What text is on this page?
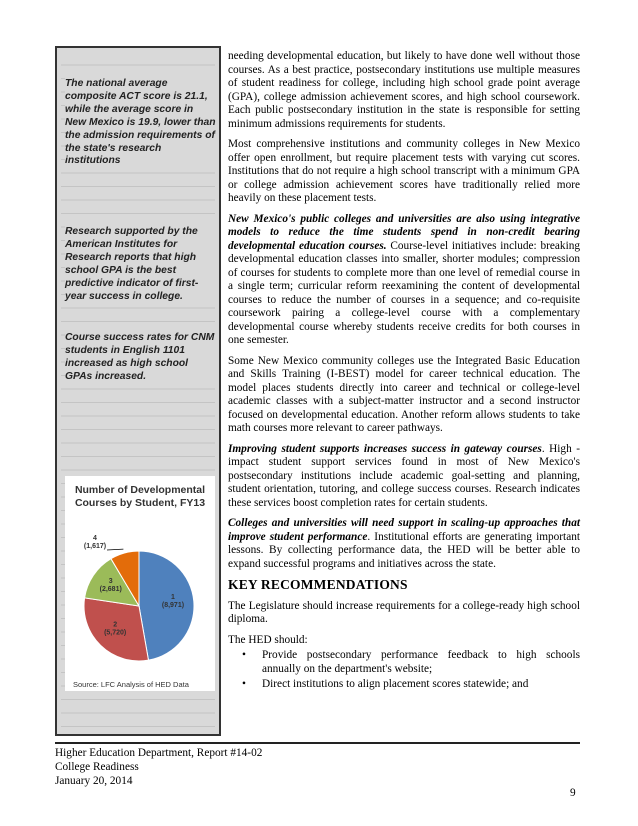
The national average composite ACT score is 21.1, while the average score in New Mexico is 19.9, lower than the admission requirements of the state's research institutions
Research supported by the American Institutes for Research reports that high school GPA is the best predictive indicator of first-year success in college.
Course success rates for CNM students in English 1101 increased as high school GPAs increased.
1
(8,971)
2
(5,720)
3
(2,681)
4
(1,617)
Number of Developmental Courses by Student, FY13
Source: LFC Analysis of HED Data

needing developmental education, but likely to have done well without those courses. As a best practice, postsecondary institutions use multiple measures of student readiness for college, including high school grade point average (GPA), college admission achievement scores, and high school coursework. Each public postsecondary institution in the state is responsible for setting minimum admissions requirements for students.

Most comprehensive institutions and community colleges in New Mexico offer open enrollment, but require placement tests with varying cut scores. Institutions that do not require a high school transcript with a minimum GPA or college admission achievement scores have traditionally relied more heavily on these placement tests.

New Mexico's public colleges and universities are also using integrative models to reduce the time students spend in non-credit bearing developmental education courses. Course-level initiatives include: breaking developmental education classes into smaller, shorter modules; compression of courses for students to complete more than one level of remedial course in a single term; curricular reform reexamining the content of developmental courses to reduce the number of courses in a sequence; and co-requisite coursework pairing a college-level course with a complementary developmental course whereby students receive credits for both courses in one semester.

Some New Mexico community colleges use the Integrated Basic Education and Skills Training (I-BEST) model for career technical education. The model places students directly into career and technical or college-level academic classes with a subject-matter instructor and a second instructor focused on developmental education. Another reform allows students to take math courses more relevant to career pathways.

Improving student supports increases success in gateway courses. High -impact student support services found in most of New Mexico's postsecondary institutions include academic goal-setting and planning, student orientation, tutoring, and college success courses. Research indicates these services boost completion rates for certain students.

Colleges and universities will need support in scaling-up approaches that improve student performance. Institutional efforts are generating important lessons. By collecting performance data, the HED will be better able to expand successful programs and initiatives across the state.

KEY RECOMMENDATIONS

The Legislature should increase requirements for a college-ready high school diploma.

The HED should:

• Provide postsecondary performance feedback to high schools annually on the department's website;
• Direct institutions to align placement scores statewide; and
Higher Education Department, Report #14-02
College Readiness
January 20, 2014
9
